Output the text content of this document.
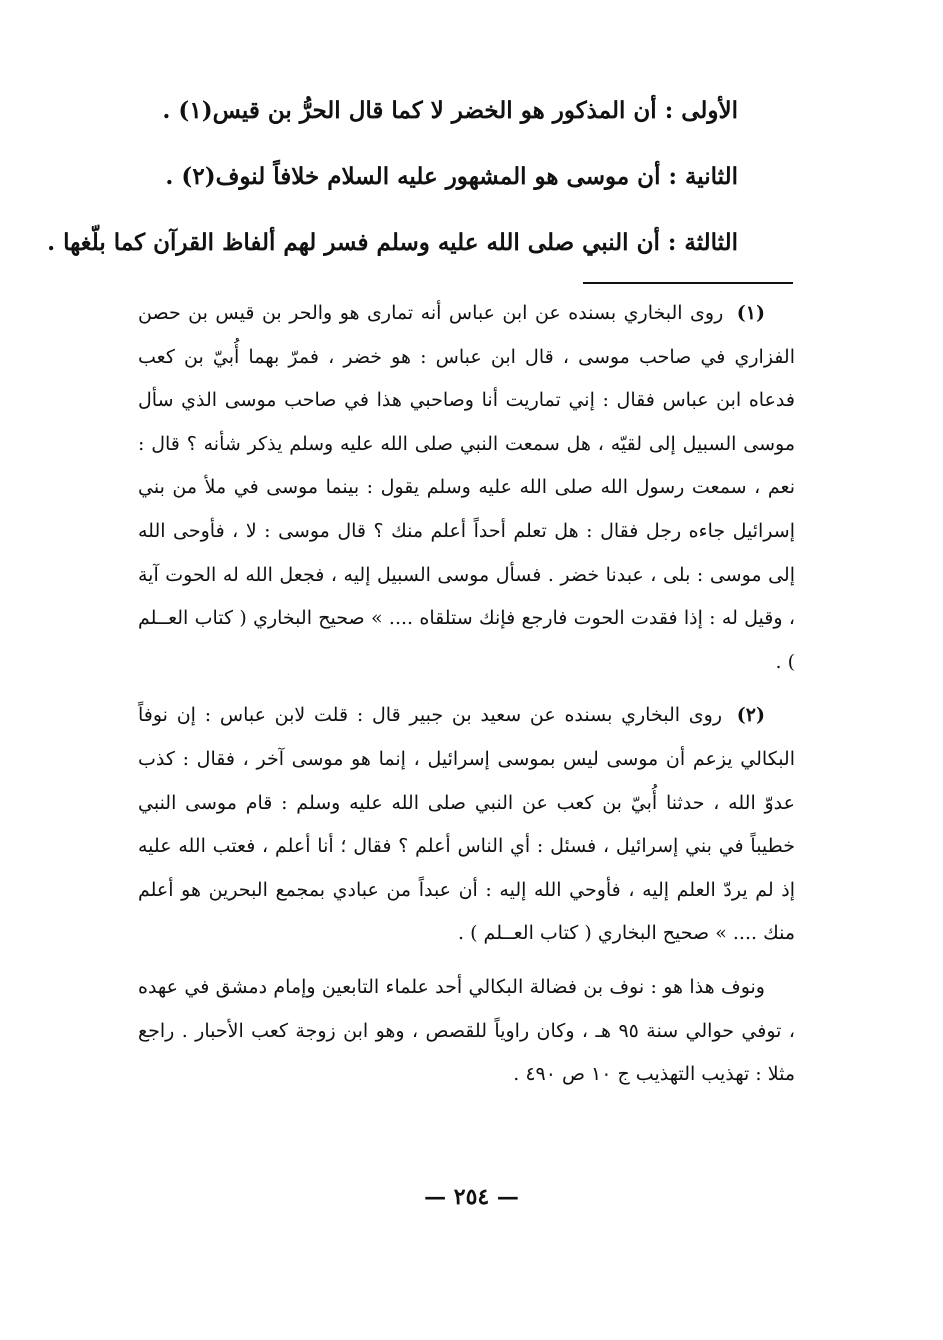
الأولى : أن المذكور هو الخضر لا كما قال الحرُّ بن قيس(١) .
الثانية : أن موسى هو المشهور عليه السلام خلافاً لنوف(٢) .
الثالثة : أن النبي صلى الله عليه وسلم فسر لهم ألفاظ القرآن كما بلّغها .

(١) روى البخاري بسنده عن ابن عباس أنه تمارى هو والحر بن قيس بن حصن الفزاري في صاحب موسى ، قال ابن عباس : هو خضر ، فمرّ بهما أُبيّ بن كعب فدعاه ابن عباس فقال : إني تماريت أنا وصاحبي هذا في صاحب موسى الذي سأل موسى السبيل إلى لقيّه ، هل سمعت النبي صلى الله عليه وسلم يذكر شأنه ؟ قال : نعم ، سمعت رسول الله صلى الله عليه وسلم يقول : بينما موسى في ملأ من بني إسرائيل جاءه رجل فقال : هل تعلم أحداً أعلم منك ؟ قال موسى : لا ، فأوحى الله إلى موسى : بلى ، عبدنا خضر . فسأل موسى السبيل إليه ، فجعل الله له الحوت آية ، وقيل له : إذا فقدت الحوت فارجع فإنك ستلقاه .... » صحيح البخاري ( كتاب العــلم ) .

(٢) روى البخاري بسنده عن سعيد بن جبير قال : قلت لابن عباس : إن نوفاً البكالي يزعم أن موسى ليس بموسى إسرائيل ، إنما هو موسى آخر ، فقال : كذب عدوّ الله ، حدثنا أُبيّ بن كعب عن النبي صلى الله عليه وسلم : قام موسى النبي خطيباً في بني إسرائيل ، فسئل : أي الناس أعلم ؟ فقال ؛ أنا أعلم ، فعتب الله عليه إذ لم يردّ العلم إليه ، فأوحي الله إليه : أن عبداً من عبادي بمجمع البحرين هو أعلم منك .... » صحيح البخاري ( كتاب العــلم ) .

ونوف هذا هو : نوف بن فضالة البكالي أحد علماء التابعين وإمام دمشق في عهده ، توفي حوالي سنة ٩٥ هـ ، وكان راوياً للقصص ، وهو ابن زوجة كعب الأحبار . راجع مثلا : تهذيب التهذيب ج ١٠ ص ٤٩٠ .

— ٢٥٤ —
